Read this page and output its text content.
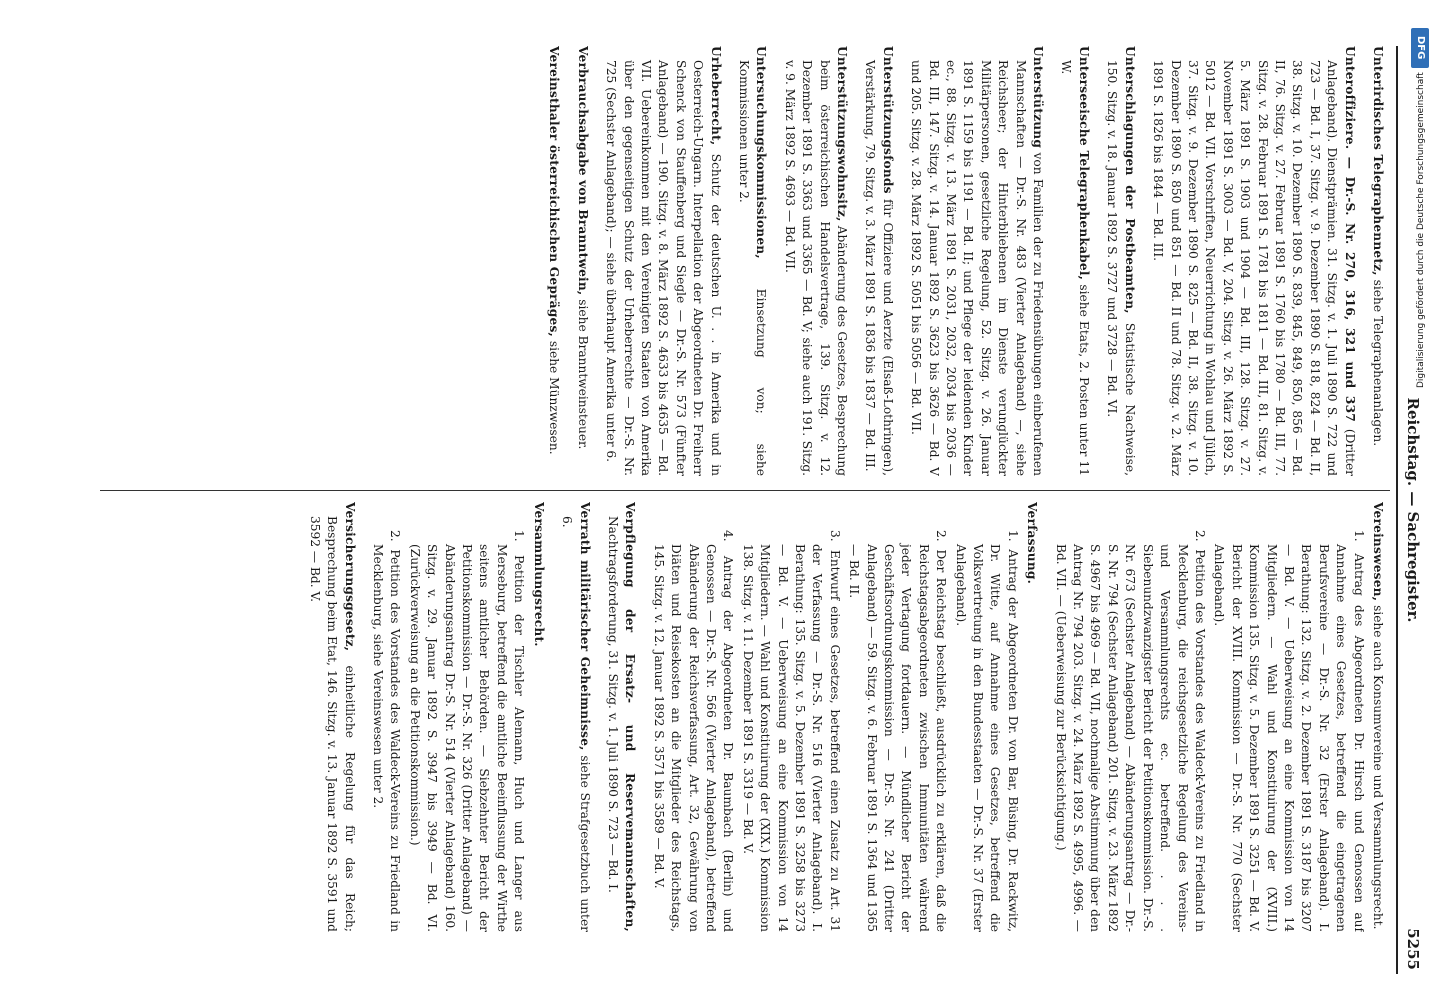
Reichstag. — Sachregister.
5255
Unterirdisches Telegraphennetz, siehe Telegraphenanlagen.
Unteroffiziere. — Dr.-S. Nr. 270, 316, 321 und 337 (Dritter Anlageband). Dienstprämien. 31. Sitzg. v. 1. Juli 1890 S. 722 und 723 — Bd. I, 37. Sitzg. v. 9. Dezember 1890 S. 818, 824 — Bd. II, 38. Sitzg. v. 10. Dezember 1890 S. 839, 845, 849, 850, 856 — Bd. II, 76. Sitzg. v. 27. Februar 1891 S. 1760 bis 1780 — Bd. III, 77. Sitzg. v. 28. Februar 1891 S. 1781 bis 1811 — Bd. III, 81. Sitzg. v. 5. März 1891 S. 1903 und 1904 — Bd. III, 128. Sitzg. v. 27. November 1891 S. 3003 — Bd. V, 204. Sitzg. v. 26. März 1892 S. 5012 — Bd. VII. Vorschriften, Neuerrichtung in Wohlau und Jülich, 37. Sitzg. v. 9. Dezember 1890 S. 825 — Bd. II, 38. Sitzg. v. 10. Dezember 1890 S. 850 und 851 — Bd. II und 78. Sitzg. v. 2. März 1891 S. 1826 bis 1844 — Bd. III.
Unterschlagungen der Postbeamten, Statistische Nachweise, 150. Sitzg. v. 18. Januar 1892 S. 3727 und 3728 — Bd. VI.
Unterseeische Telegraphenkabel, siehe Etats, 2. Posten unter 11 W.
Unterstützung von Familien der zu Friedensübungen einberufenen Mannschaften — Dr.-S. Nr. 483 (Vierter Anlageband) —, siehe Reichsheer; der Hinterbliebenen im Dienste verunglückter Militärpersonen, gesetzliche Regelung, 52. Sitzg. v. 26. Januar 1891 S. 1159 bis 1191 — Bd. II; und Pflege der leidenden Kinder ec., 88. Sitzg. v. 13. März 1891 S. 2031, 2032, 2034 bis 2036 — Bd. III, 147. Sitzg. v. 14. Januar 1892 S. 3623 bis 3626 — Bd. V und 205. Sitzg. v. 28. März 1892 S. 5051 bis 5056 — Bd. VII.
Unterstützungsfonds für Offiziere und Aerzte (Elsaß-Lothringen), Verstärkung, 79. Sitzg. v. 3. März 1891 S. 1836 bis 1837 — Bd. III.
Unterstützungswohnsitz, Abänderung des Gesetzes, Besprechung beim österreichischen Handelsvertrage, 139. Sitzg. v. 12. Dezember 1891 S. 3363 und 3365 — Bd. V; siehe auch 191. Sitzg. v. 9. März 1892 S. 4693 — Bd. VII.
Untersuchungskommissionen, Einsetzung von; siehe Kommissionen unter 2.
Urheberrecht, Schutz der deutschen U. . . in Amerika und in Oesterreich-Ungarn. Interpellation der Abgeordneten Dr. Freiherr Schenck von Stauffenberg und Siegle — Dr.-S. Nr. 573 (Fünfter Anlageband) — 190. Sitzg. v. 8. März 1892 S. 4633 bis 4635 — Bd. VII. Uebereinkommen mit den Vereinigten Staaten von Amerika über den gegenseitigen Schutz der Urheberrechte — Dr.-S. Nr. 725 (Sechster Anlageband); — siehe überhaupt Amerika unter 6.
Verbrauchsabgabe von Branntwein, siehe Branntweinsteuer.
Vereinsthaler österreichischen Gepräges, siehe Münzwesen.
Vereinswesen, siehe auch Konsumvereine und Versammlungsrecht.
1. Antrag des Abgeordneten Dr. Hirsch und Genossen auf Annahme eines Gesetzes, betreffend die eingetragenen Berufsvereine — Dr.-S. Nr. 32 (Erster Anlageband). I. Berathung: 132. Sitzg. v. 2. Dezember 1891 S. 3187 bis 3207 — Bd. V. — Ueberweisung an eine Kommission von 14 Mitgliedern. — Wahl und Konstituirung der (XVIII.) Kommission 135. Sitzg. v. 5. Dezember 1891 S. 3251 — Bd. V. Bericht der XVIII. Kommission — Dr.-S. Nr. 770 (Sechster Anlageband).
2. Petition des Vorstandes des Waldeck-Vereins zu Friedland in Mecklenburg, die reichsgesetzliche Regelung des Vereins- und Versammlungsrechts ec. betreffend. . . . Siebenundzwanzigster Bericht der Petitionskommission. Dr.-S. Nr. 673 (Sechster Anlageband) — Abänderungsantrag — Dr.-S. Nr. 794 (Sechster Anlageband) 201. Sitzg. v. 23. März 1892 S. 4967 bis 4969 — Bd. VII, nochmalige Abstimmung über den Antrag Nr. 794 203. Sitzg. v. 24. März 1892 S. 4995, 4996. — Bd. VII. — (Ueberweisung zur Berücksichtigung.)
Verfassung.
1. Antrag der Abgeordneten Dr. von Bar, Büsing, Dr. Rackwitz, Dr. Witte, auf Annahme eines Gesetzes, betreffend die Volksvertretung in den Bundesstaaten — Dr.-S. Nr. 37 (Erster Anlageband).
2. Der Reichstag beschließt, ausdrücklich zu erklären, daß die Reichstagsabgeordneten zwischen Immunitäten während jeder Vertagung fortdauern. — Mündlicher Bericht der Geschäftsordnungskommission — Dr.-S. Nr. 241 (Dritter Anlageband) — 59. Sitzg. v. 6. Februar 1891 S. 1364 und 1365 — Bd. II.
3. Entwurf eines Gesetzes, betreffend einen Zusatz zu Art. 31 der Verfassung — Dr.-S. Nr. 516 (Vierter Anlageband). I. Berathung: 135. Sitzg. v. 5. Dezember 1891 S. 3258 bis 3273 — Bd. V. — Ueberweisung an eine Kommission von 14 Mitgliedern. — Wahl und Konstituirung der (XIX.) Kommission 138. Sitzg. v. 11. Dezember 1891 S. 3319 — Bd. V.
4. Antrag der Abgeordneten Dr. Baumbach (Berlin) und Genossen — Dr.-S. Nr. 566 (Vierter Anlageband), betreffend Abänderung der Reichsverfassung, Art. 32, Gewährung von Diäten und Reisekosten an die Mitglieder des Reichstags, 145. Sitzg. v. 12. Januar 1892 S. 3571 bis 3589 — Bd. V.
Verpflegung der Ersatz- und Reservemannschaften, Nachtragsforderung, 31. Sitzg. v. 1. Juli 1890 S. 723 — Bd. I.
Verrath militärischer Geheimnisse, siehe Strafgesetzbuch unter 6.
Versammlungsrecht.
1. Petition der Tischler Alemann, Huch und Langer aus Merseburg, betreffend die amtliche Beeinflussung der Wirthe seitens amtlicher Behörden. — Siebzehnter Bericht der Petitionskommission — Dr.-S. Nr. 326 (Dritter Anlageband) — Abänderungsantrag Dr.-S. Nr. 514 (Vierter Anlageband) 160. Sitzg. v. 29. Januar 1892 S. 3947 bis 3949 — Bd. VI. (Zurückverweisung an die Petitionskommission.)
2. Petition des Vorstandes des Waldeck-Vereins zu Friedland in Mecklenburg, siehe Vereinswesen unter 2.
Versicherungsgesetz, einheitliche Regelung für das Reich; Besprechung beim Etat, 146. Sitzg. v. 13. Januar 1892 S. 3591 und 3592 — Bd. V.
DFG
Digitalisierung gefördert durch die Deutsche Forschungsgemeinschaft
